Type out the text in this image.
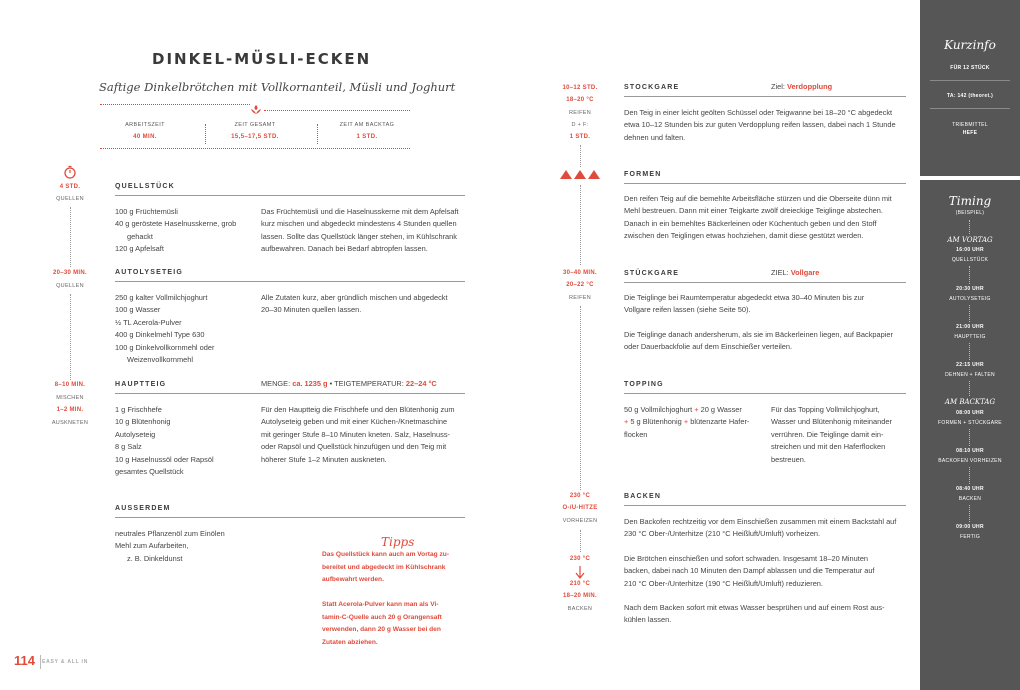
DINKEL-MÜSLI-ECKEN
Saftige Dinkelbrötchen mit Vollkornanteil, Müsli und Joghurt
ARBEITSZEIT
40 MIN.
ZEIT GESAMT
15,5–17,5 STD.
ZEIT AM BACKTAG
1 STD.
4 STD.
QUELLEN
20–30 MIN.
QUELLEN
8–10 MIN.
MISCHEN
1–2 MIN.
AUSKNETEN
QUELLSTÜCK
100 g Früchtemüsli
40 g geröstete Haselnusskerne, grob
gehackt
120 g Apfelsaft
Das Früchtemüsli und die Haselnusskerne mit dem Apfelsaft
kurz mischen und abgedeckt mindestens 4 Stunden quellen
lassen. Sollte das Quellstück länger stehen, im Kühlschrank
aufbewahren. Danach bei Bedarf abtropfen lassen.
AUTOLYSETEIG
250 g kalter Vollmilchjoghurt
100 g Wasser
½ TL Acerola-Pulver
400 g Dinkelmehl Type 630
100 g Dinkelvollkornmehl oder
Weizenvollkornmehl
Alle Zutaten kurz, aber gründlich mischen und abgedeckt
20–30 Minuten quellen lassen.
HAUPTTEIG	MENGE: ca. 1235 g • TEIGTEMPERATUR: 22–24 °C
1 g Frischhefe
10 g Blütenhonig
Autolyseteig
8 g Salz
10 g Haselnussöl oder Rapsöl
gesamtes Quellstück
Für den Hauptteig die Frischhefe und den Blütenhonig zum
Autolyseteig geben und mit einer Küchen-/Knetmaschine
mit geringer Stufe 8–10 Minuten kneten. Salz, Haselnuss-
oder Rapsöl und Quellstück hinzufügen und den Teig mit
höherer Stufe 1–2 Minuten auskneten.
AUSSERDEM
neutrales Pflanzenöl zum Einölen
Mehl zum Aufarbeiten,
z. B. Dinkeldunst
Tipps
Das Quellstück kann auch am Vortag zu-
bereitet und abgedeckt im Kühlschrank
aufbewahrt werden.
Statt Acerola-Pulver kann man als Vi-
tamin-C-Quelle auch 20 g Orangensaft
verwenden, dann 20 g Wasser bei den
Zutaten abziehen.
114 EASY & ALL IN
10–12 STD.
18–20 °C
REIFEN
D + F:
1 STD.
30–40 MIN.
20–22 °C
REIFEN
230 °C
O-/U-HITZE
VORHEIZEN
230 °C
210 °C
18–20 MIN.
BACKEN
STOCKGARE	Ziel: Verdopplung
Den Teig in einer leicht geölten Schüssel oder Teigwanne bei 18–20 °C abgedeckt
etwa 10–12 Stunden bis zur guten Verdopplung reifen lassen, dabei nach 1 Stunde
dehnen und falten.
FORMEN
Den reifen Teig auf die bemehlte Arbeitsfläche stürzen und die Oberseite dünn mit
Mehl bestreuen. Dann mit einer Teigkarte zwölf dreieckige Teiglinge abstechen.
Danach in ein bemehltes Bäckerleinen oder Küchentuch geben und den Stoff
zwischen den Teiglingen etwas hochziehen, damit diese gestützt werden.
STÜCKGARE	ZIEL: Vollgare
Die Teiglinge bei Raumtemperatur abgedeckt etwa 30–40 Minuten bis zur
Vollgare reifen lassen (siehe Seite 50).
Die Teiglinge danach andersherum, als sie im Bäckerleinen liegen, auf Backpapier
oder Dauerbackfolie auf dem Einschießer verteilen.
TOPPING
50 g Vollmilchjoghurt + 20 g Wasser
+ 5 g Blütenhonig + blütenzarte Hafer-
flocken
Für das Topping Vollmilchjoghurt,
Wasser und Blütenhonig miteinander
verrühren. Die Teiglinge damit ein-
streichen und mit den Haferflocken
bestreuen.
BACKEN
Den Backofen rechtzeitig vor dem Einschießen zusammen mit einem Backstahl auf
230 °C Ober-/Unterhitze (210 °C Heißluft/Umluft) vorheizen.
Die Brötchen einschießen und sofort schwaden. Insgesamt 18–20 Minuten
backen, dabei nach 10 Minuten den Dampf ablassen und die Temperatur auf
210 °C Ober-/Unterhitze (190 °C Heißluft/Umluft) reduzieren.
Nach dem Backen sofort mit etwas Wasser besprühen und auf einem Rost aus-
kühlen lassen.
Kurzinfo
FÜR 12 STÜCK
TA: 142 (theoret.)
TRIEBMITTEL
HEFE
Timing
(BEISPIEL)
AM VORTAG
16:00 UHR
QUELLSTÜCK
20:30 UHR
AUTOLYSETEIG
21:00 UHR
HAUPTTEIG
22:15 UHR
DEHNEN + FALTEN
AM BACKTAG
08:00 UHR
FORMEN + STÜCKGARE
08:10 UHR
BACKOFEN VORHEIZEN
08:40 UHR
BACKEN
09:00 UHR
FERTIG
